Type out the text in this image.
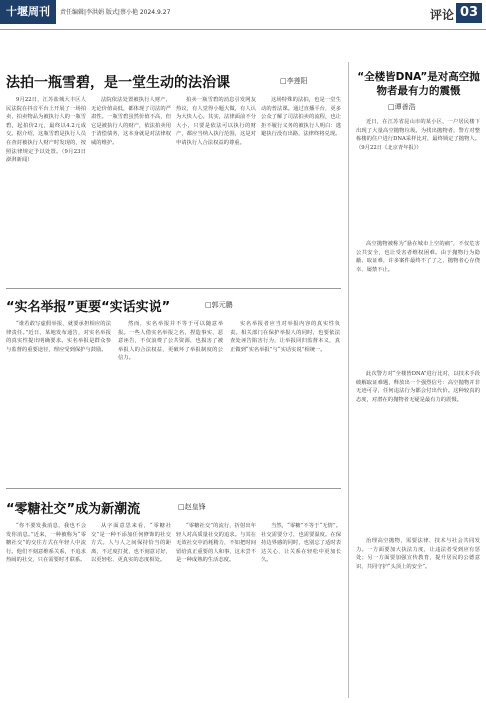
十堰周刊	责任编辑|李洪娟 版式|蔡小艳 2024.9.27	评论 03
法拍一瓶雪碧，是一堂生动的法治课	□李莲阳
9月22日，江苏盐城大丰区人民法院在抖音平台上开展了一场拍卖，拍卖物品为被执行人的一瓶雪碧，起拍价2元，最终以4.2元成交。据介绍，这瓶雪碧是执行人员在查封被执行人财产时发现的，按照法律规定予以处置。（9月23日澎湃新闻）
法院依法处置被执行人财产，无论价值高低，都体现了司法的严肃性。一瓶雪碧虽然价值不高，但它是被执行人的财产，依法拍卖用于清偿债务，这本身就是对法律权威的维护。
拍卖一瓶雪碧的消息引发网友热议，有人觉得小题大做，有人认为大快人心。其实，法律面前不分大小，只要是依法可以执行的财产，都应当纳入执行范围，这是对申请执行人合法权益的尊重。
这场特殊的法拍，也是一堂生动的普法课。通过直播平台，更多公众了解了司法拍卖的流程，也让拒不履行义务的被执行人明白：逃避执行没有出路，法律终将兑现。
“实名举报”更要“实话实说”	□郭元鹏
“谁若敢写虚假举报，就要承担相应的法律责任。”近日，某地发布通告，对实名举报的真实性提出明确要求。实名举报是群众参与监督的重要途径，理应受到保护与鼓励。
然而，实名举报并不等于可以随意举报。一些人借实名举报之名，捏造事实、恶意诬告，不仅浪费了公共资源，也损害了被举报人的合法权益，更破坏了举报制度的公信力。
实名举报者应当对举报内容的真实性负责。相关部门在保护举报人的同时，也要依法查处诬告陷害行为，让举报回归监督本义，真正做到“实名举报”与“实话实说”相统一。
“零糖社交”成为新潮流	□赵皇锋
“你不要发我消息，我也不会发你消息。”近来，一种被称为“零糖社交”的交往方式在年轻人中流行。他们不刻意维系关系，不追求热闹的社交，只在需要时才联系。
从字面意思来看，“零糖社交”是一种不添加任何修饰的社交方式。人与人之间保持恰当的距离，不过度打扰，也不刻意讨好，以更轻松、更真实的态度相处。
“零糖社交”的流行，折射出年轻人对高质量社交的追求。与其在无效社交中消耗精力，不如把时间留给真正重要的人和事，这未尝不是一种成熟的生活态度。
当然，“零糖”不等于“无情”。社交需要分寸，也需要温度。在保持边界感的同时，也别忘了适时表达关心，让关系在轻松中更加长久。
“全楼皆DNA”是对高空抛物者最有力的震慑
□谭善浩
近日，在江苏省昆山市的某小区，一户居民楼下出现了大量高空抛物垃圾。为找出抛物者，警方对整栋楼的住户进行DNA采样比对，最终锁定了抛物人。（9月22日《北京青年报》）
高空抛物被称为“悬在城市上空的痛”，不仅危害公共安全，也让受害者维权困难。由于抛物行为隐蔽、取证难，许多案件最终不了了之，抛物者心存侥幸、屡禁不止。
此次警方对“全楼皆DNA”进行比对，以技术手段破解取证难题，释放出一个强烈信号：高空抛物并非无迹可寻，任何违法行为都会付出代价。这种较真的态度，对潜在的抛物者无疑是最有力的震慑。
治理高空抛物，需要法律、技术与社会共同发力。一方面要加大执法力度，让违法者受到应有惩处；另一方面要加强宣传教育，提升居民的公德意识，共同守护“头顶上的安全”。
